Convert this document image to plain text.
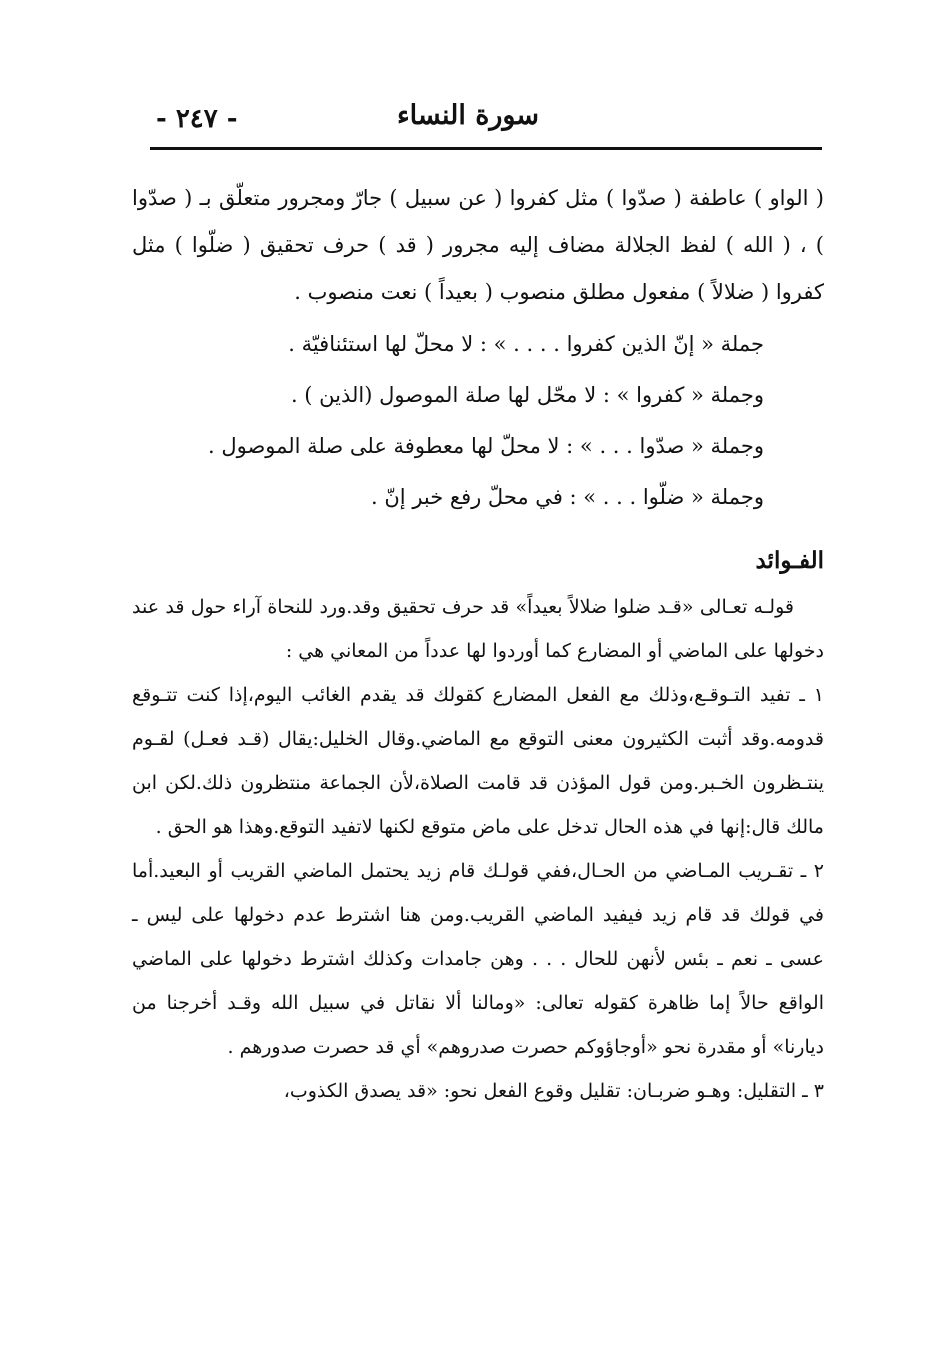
سورة النساء
- ٢٤٧ -

( الواو ) عاطفة ( صدّوا ) مثل كفروا ( عن سبيل ) جارّ ومجرور متعلّق بـ ( صدّوا ) ، ( الله ) لفظ الجلالة مضاف إليه مجرور ( قد ) حرف تحقيق ( ضلّوا ) مثل كفروا ( ضلالاً ) مفعول مطلق منصوب ( بعيداً ) نعت منصوب .

جملة « إنّ الذين كفروا . . . . » : لا محلّ لها استئنافيّة .
وجملة « كفروا » : لا محّل لها صلة الموصول (الذين ) .
وجملة « صدّوا . . . » : لا محلّ لها معطوفة على صلة الموصول .
وجملة « ضلّوا . . . » : في محلّ رفع خبر إنّ .
الفـوائد

قولـه تعـالى «قـد ضلوا ضلالاً بعيداً» قد حرف تحقيق وقد.ورد للنحاة آراء حول قد عند دخولها على الماضي أو المضارع كما أوردوا لها عدداً من المعاني هي :

١ ـ تفيد التـوقـع،وذلك مع الفعل المضارع كقولك قد يقدم الغائب اليوم،إذا كنت تتـوقع قدومه.وقد أثبت الكثيرون معنى التوقع مع الماضي.وقال الخليل:يقال (قـد فعـل) لقـوم ينتـظرون الخـبر.ومن قول المؤذن قد قامت الصلاة،لأن الجماعة منتظرون ذلك.لكن ابن مالك قال:إنها في هذه الحال تدخل على ماض متوقع لكنها لاتفيد التوقع.وهذا هو الحق .

٢ ـ تقـريب المـاضي من الحـال،ففي قولـك قام زيد يحتمل الماضي القريب أو البعيد.أما في قولك قد قام زيد فيفيد الماضي القريب.ومن هنا اشترط عدم دخولها على ليس ـ عسى ـ نعم ـ بئس لأنهن للحال . . . وهن جامدات وكذلك اشترط دخولها على الماضي الواقع حالاً إما ظاهرة كقوله تعالى: «ومالنا ألا نقاتل في سبيل الله وقـد أخرجنا من ديارنا» أو مقدرة نحو «أوجاؤوكم حصرت صدروهم» أي قد حصرت صدورهم .

٣ ـ التقليل: وهـو ضربـان: تقليل وقوع الفعل نحو: «قد يصدق الكذوب،
